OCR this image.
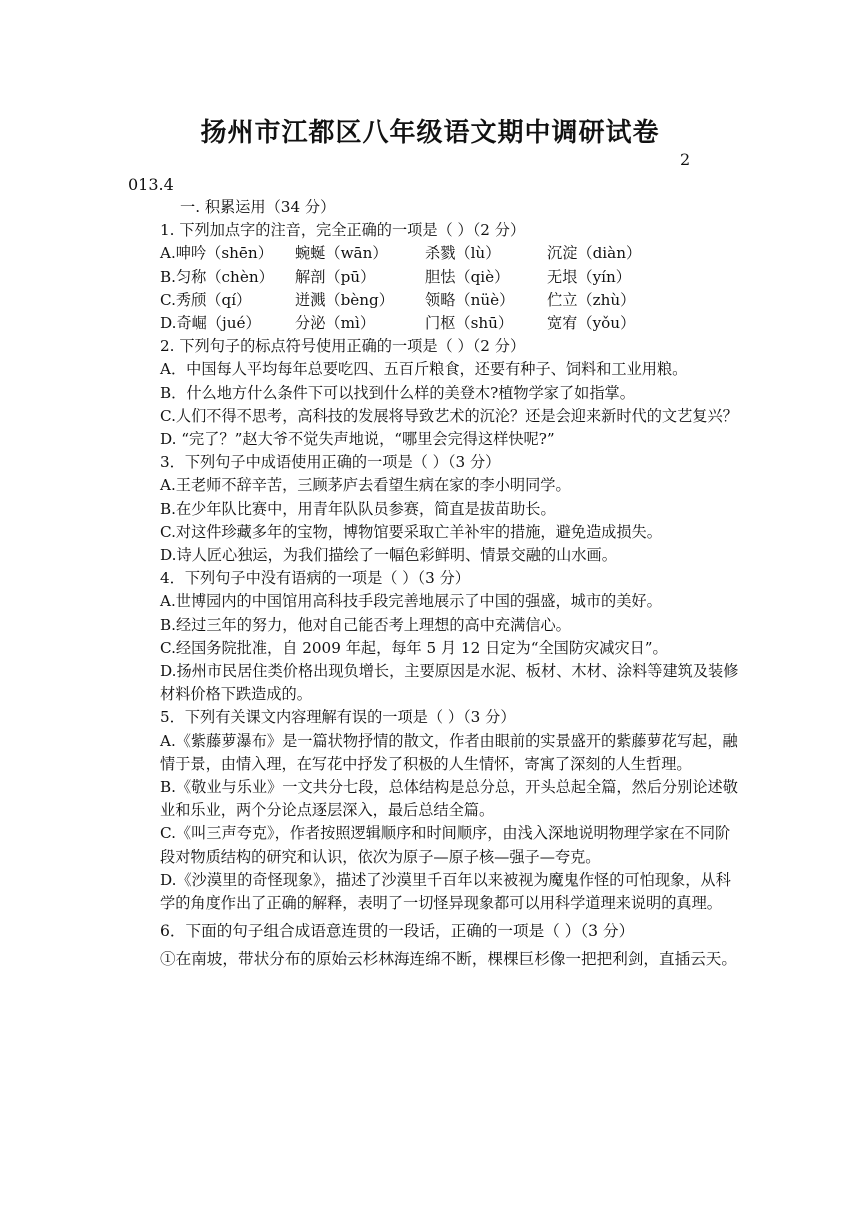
扬州市江都区八年级语文期中调研试卷
2
013.4
一. 积累运用（34 分）
1. 下列加点字的注音，完全正确的一项是（ ）（2 分）
A.呻吟（shēn）	蜿蜒（wān）	杀戮（lù）	沉淀（diàn）
B.匀称（chèn）	解剖（pū）	胆怯（qiè）	无垠（yín）
C.秀颀（qí）	迸溅（bèng）	领略（nüè）	伫立（zhù）
D.奇崛（jué）	分泌（mì）	门枢（shū）	宽宥（yǒu）
2. 下列句子的标点符号使用正确的一项是（ ）（2 分）
A．中国每人平均每年总要吃四、五百斤粮食，还要有种子、饲料和工业用粮。
B．什么地方什么条件下可以找到什么样的美登木?植物学家了如指掌。
C.人们不得不思考，高科技的发展将导致艺术的沉沦？还是会迎来新时代的文艺复兴？
D. “完了？”赵大爷不觉失声地说，“哪里会完得这样快呢?”
3．下列句子中成语使用正确的一项是（ ）（3 分）
A.王老师不辞辛苦，三顾茅庐去看望生病在家的李小明同学。
B.在少年队比赛中，用青年队队员参赛，简直是拔苗助长。
C.对这件珍藏多年的宝物，博物馆要采取亡羊补牢的措施，避免造成损失。
D.诗人匠心独运，为我们描绘了一幅色彩鲜明、情景交融的山水画。
4．下列句子中没有语病的一项是（ ）（3 分）
A.世博园内的中国馆用高科技手段完善地展示了中国的强盛，城市的美好。
B.经过三年的努力，他对自己能否考上理想的高中充满信心。
C.经国务院批准，自 2009 年起，每年 5 月 12 日定为“全国防灾减灾日”。
D.扬州市民居住类价格出现负增长，主要原因是水泥、板材、木材、涂料等建筑及装修材料价格下跌造成的。
5．下列有关课文内容理解有误的一项是（ ）（3 分）
A.《紫藤萝瀑布》是一篇状物抒情的散文，作者由眼前的实景盛开的紫藤萝花写起，融情于景，由情入理，在写花中抒发了积极的人生情怀，寄寓了深刻的人生哲理。
B.《敬业与乐业》一文共分七段，总体结构是总分总，开头总起全篇，然后分别论述敬业和乐业，两个分论点逐层深入，最后总结全篇。
C.《叫三声夸克》，作者按照逻辑顺序和时间顺序，由浅入深地说明物理学家在不同阶段对物质结构的研究和认识，依次为原子—原子核—强子—夸克。
D.《沙漠里的奇怪现象》，描述了沙漠里千百年以来被视为魔鬼作怪的可怕现象，从科学的角度作出了正确的解释，表明了一切怪异现象都可以用科学道理来说明的真理。
6．下面的句子组合成语意连贯的一段话，正确的一项是（ ）（3 分）
①在南坡，带状分布的原始云杉林海连绵不断，棵棵巨杉像一把把利剑，直插云天。
